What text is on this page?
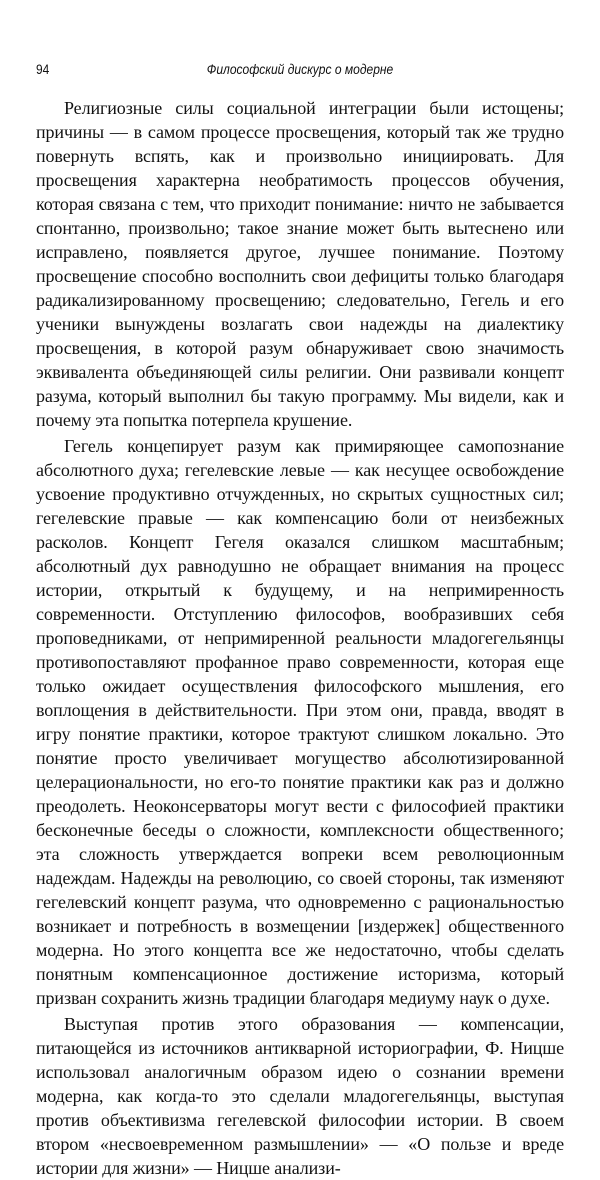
94	Философский дискурс о модерне

Религиозные силы социальной интеграции были истощены; причины — в самом процессе просвещения, который так же трудно повернуть вспять, как и произвольно инициировать. Для просвещения характерна необратимость процессов обучения, которая связана с тем, что приходит понимание: ничто не забывается спонтанно, произвольно; такое знание может быть вытеснено или исправлено, появляется другое, лучшее понимание. Поэтому просвещение способно восполнить свои дефициты только благодаря радикализированному просвещению; следовательно, Гегель и его ученики вынуждены возлагать свои надежды на диалектику просвещения, в которой разум обнаруживает свою значимость эквивалента объединяющей силы религии. Они развивали концепт разума, который выполнил бы такую программу. Мы видели, как и почему эта попытка потерпела крушение.

Гегель концепирует разум как примиряющее самопознание абсолютного духа; гегелевские левые — как несущее освобождение усвоение продуктивно отчужденных, но скрытых сущностных сил; гегелевские правые — как компенсацию боли от неизбежных расколов. Концепт Гегеля оказался слишком масштабным; абсолютный дух равнодушно не обращает внимания на процесс истории, открытый к будущему, и на непримиренность современности. Отступлению философов, вообразивших себя проповедниками, от непримиренной реальности младогегельянцы противопоставляют профанное право современности, которая еще только ожидает осуществления философского мышления, его воплощения в действительности. При этом они, правда, вводят в игру понятие практики, которое трактуют слишком локально. Это понятие просто увеличивает могущество абсолютизированной целерациональности, но его-то понятие практики как раз и должно преодолеть. Неоконсерваторы могут вести с философией практики бесконечные беседы о сложности, комплексности общественного; эта сложность утверждается вопреки всем революционным надеждам. Надежды на революцию, со своей стороны, так изменяют гегелевский концепт разума, что одновременно с рациональностью возникает и потребность в возмещении [издержек] общественного модерна. Но этого концепта все же недостаточно, чтобы сделать понятным компенсационное достижение историзма, который призван сохранить жизнь традиции благодаря медиуму наук о духе.

Выступая против этого образования — компенсации, питающейся из источников антикварной историографии, Ф. Ницше использовал аналогичным образом идею о сознании времени модерна, как когда-то это сделали младогегельянцы, выступая против объективизма гегелевской философии истории. В своем втором «несвоевременном размышлении» — «О пользе и вреде истории для жизни» — Ницше анализи-
